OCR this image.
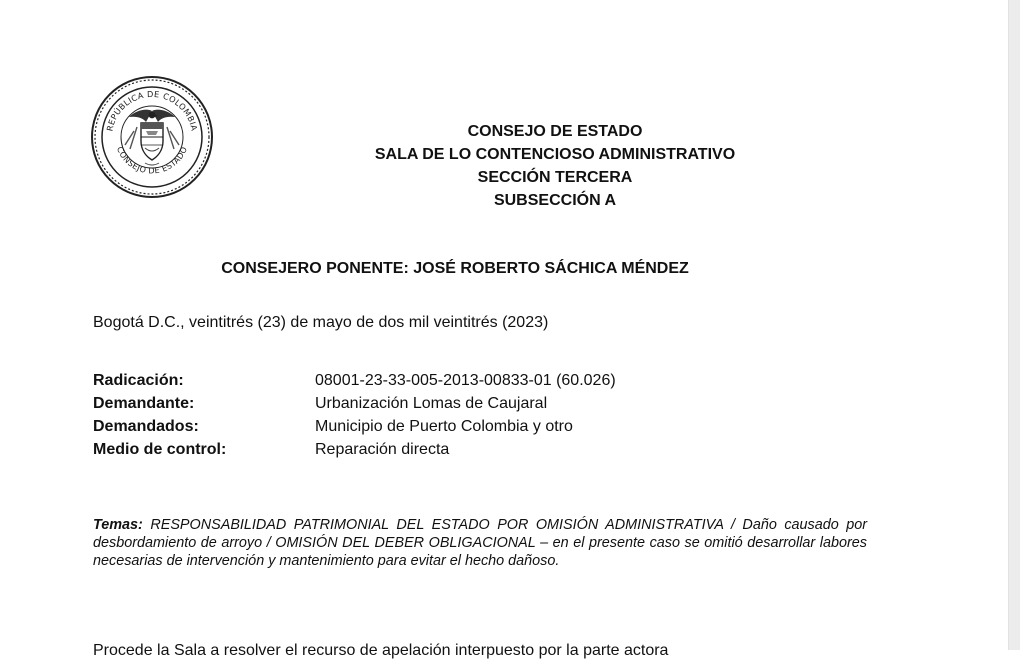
REPÚBLICA DE COLOMBIA
CONSEJO DE ESTADO
CONSEJO DE ESTADO
SALA DE LO CONTENCIOSO ADMINISTRATIVO
SECCIÓN TERCERA
SUBSECCIÓN A
CONSEJERO PONENTE: JOSÉ ROBERTO SÁCHICA MÉNDEZ
Bogotá D.C., veintitrés (23) de mayo de dos mil veintitrés (2023)
Radicación:	08001-23-33-005-2013-00833-01 (60.026)
Demandante:	Urbanización Lomas de Caujaral
Demandados:	Municipio de Puerto Colombia y otro
Medio de control:	Reparación directa
Temas: RESPONSABILIDAD PATRIMONIAL DEL ESTADO POR OMISIÓN ADMINISTRATIVA / Daño causado por desbordamiento de arroyo / OMISIÓN DEL DEBER OBLIGACIONAL – en el presente caso se omitió desarrollar labores necesarias de intervención y mantenimiento para evitar el hecho dañoso.
Procede la Sala a resolver el recurso de apelación interpuesto por la parte actora
